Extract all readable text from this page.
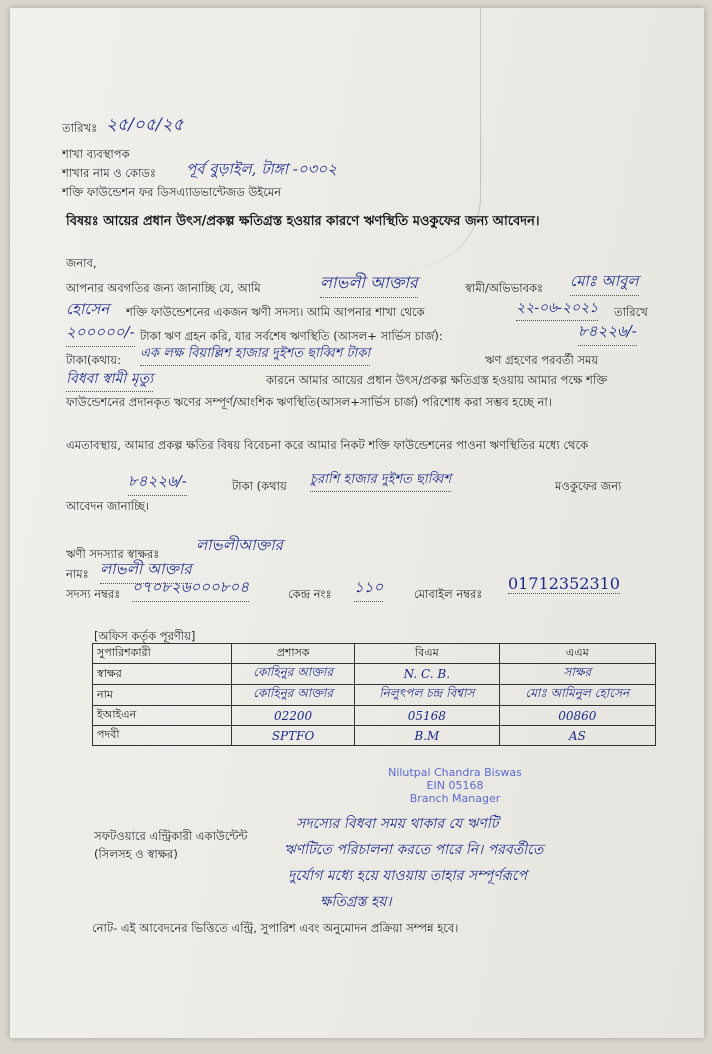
তারিখঃ ২৫/০৫/২৫
শাখা ব্যবস্থাপক
শাখার নাম ও কোডঃ পূর্ব বুড়াইল, টাঙ্গা -০৩০২
শক্তি ফাউন্ডেশন ফর ডিসএ্যাডভান্টেজড উইমেন
বিষয়ঃ আয়ের প্রধান উৎস/প্রকল্প ক্ষতিগ্রস্ত হওয়ার কারণে ঋণস্থিতি মওকুফের জন্য আবেদন।
জনাব,
আপনার অবগতির জন্য জানাচ্ছি যে, আমি	লাভলী আক্তার	স্বামী/অভিভাবকঃ মোঃ আবুল
হোসেন শক্তি ফাউন্ডেশনের একজন ঋণী সদস্য। আমি আপনার শাখা থেকে	২২-০৬-২০২১ তারিখে
২০০০০০/- টাকা ঋণ গ্রহন করি, যার সর্বশেষ ঋণস্থিতি (আসল+ সার্ভিস চার্জ):	৮৪২২৬/-
টাকা(কথায়: এক লক্ষ বিয়াল্লিশ হাজার দুইশত ছাব্বিশ টাকা	ঋণ গ্রহণের পরবর্তী সময়
বিধবা স্বামী মৃত্যু	কারনে আমার আয়ের প্রধান উৎস/প্রকল্প ক্ষতিগ্রস্ত হওয়ায় আমার পক্ষে শক্তি ফাউন্ডেশনের প্রদানকৃত ঋণের সম্পূর্ণ/আংশিক ঋণস্থিতি(আসল+সার্ভিস চার্জ) পরিশোধ করা সম্ভব হচ্ছে না।
এমতাবস্থায়, আমার প্রকল্প ক্ষতির বিষয় বিবেচনা করে আমার নিকট শক্তি ফাউন্ডেশনের পাওনা ঋণস্থিতির মধ্যে থেকে
৮৪২২৬/-	টাকা (কথায় চুরাশি হাজার দুইশত ছাব্বিশ	মওকুফের জন্য
আবেদন জানাচ্ছি।
ঋণী সদস্যার স্বাক্ষরঃ লাভলীআক্তার
নামঃ লাভলী আক্তার
সদস্য নম্বরঃ ০৭০৮২৬০০০৮০৪	কেন্দ্র নংঃ ১১০	মোবাইল নম্বরঃ
01712352310
[অফিস কর্তৃক পূরণীয়]
সুপারিশকারী	প্রশাসক	বিএম	এএম
স্বাক্ষর	কোহিনুর আক্তার	N. C. B.	সাক্ষর
নাম	কোহিনুর আক্তার	নিলুৎপল চন্দ্র বিশ্বাস	মোঃ আমিনুল হোসেন
ইআইএন	02200	05168	00860
পদবী	SPTFO	B.M	AS
Nilutpal Chandra Biswas
EIN 05168
Branch Manager
সফটওয়ারে এন্ট্রিকারী একাউন্টেন্ট
(সিলসহ ও স্বাক্ষর)
সদস্যের বিধবা সময় থাকার যে ঋণটি
ঋণটিতে পরিচালনা করতে পারে নি। পরবর্তীতে
দুর্যোগ মধ্যে হয়ে যাওয়ায় তাহার সম্পূর্ণরূপে
ক্ষতিগ্রস্ত হয়।
নোট- এই আবেদনের ভিত্তিতে এন্ট্রি, সুপারিশ এবং অনুমোদন প্রক্রিয়া সম্পন্ন হবে।
